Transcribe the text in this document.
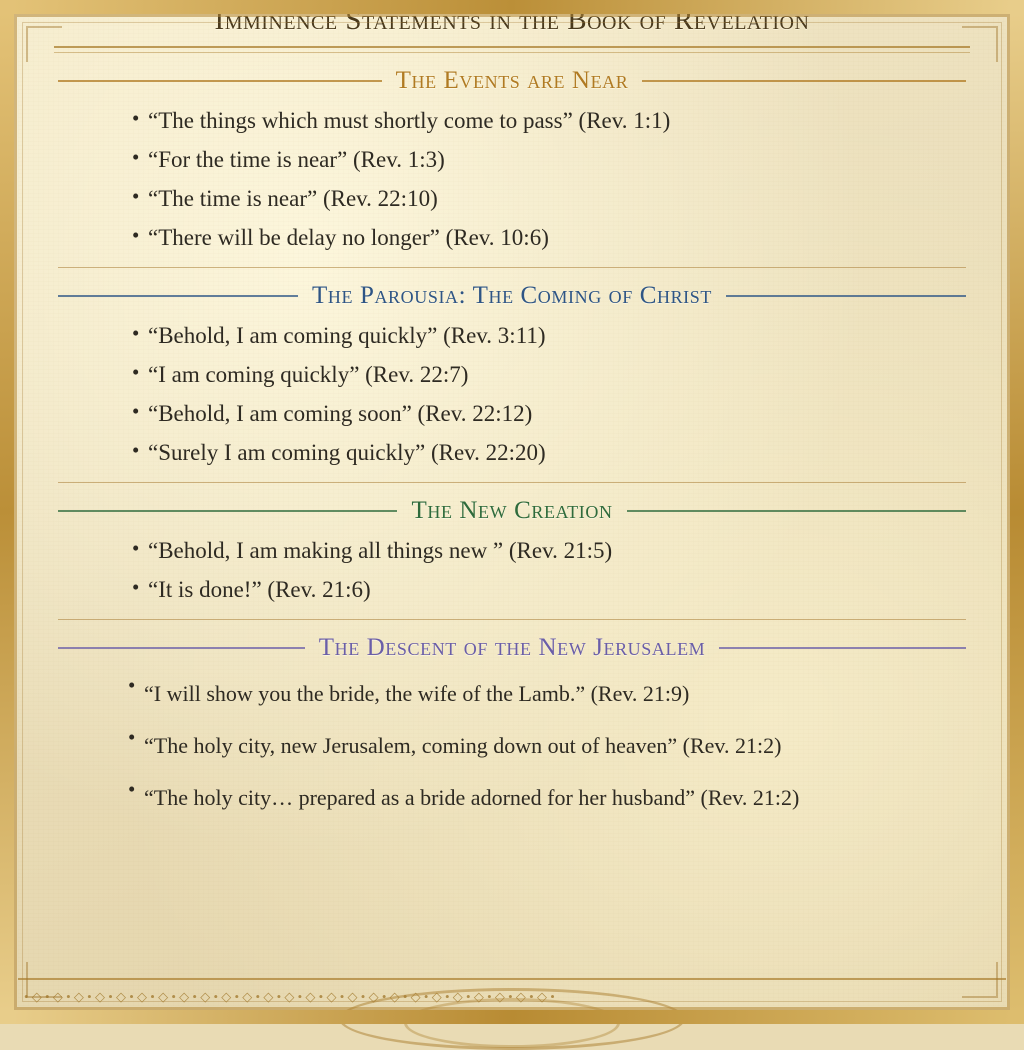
Imminence Statements in the Book of Revelation
The Events are Near
• “The things which must shortly come to pass” (Rev. 1:1)
• “For the time is near” (Rev. 1:3)
• “The time is near” (Rev. 22:10)
• “There will be delay no longer” (Rev. 10:6)
The Parousia: The Coming of Christ
• “Behold, I am coming quickly” (Rev. 3:11)
• “I am coming quickly” (Rev. 22:7)
• “Behold, I am coming soon” (Rev. 22:12)
• “Surely I am coming quickly” (Rev. 22:20)
The New Creation
• “Behold, I am making all things new ” (Rev. 21:5)
• “It is done!” (Rev. 21:6)
The Descent of the New Jerusalem
• “I will show you the bride, the wife of the Lamb.” (Rev. 21:9)
• “The holy city, new Jerusalem, coming down out of heaven” (Rev. 21:2)
• “The holy city… prepared as a bride adorned for her husband” (Rev. 21:2)
• ◇ • ◇ • ◇ • ◇ • ◇ • ◇ • ◇ • ◇ • ◇ • ◇ • ◇ • ◇ • ◇ • ◇ • ◇ • ◇ • ◇ • ◇ • ◇ • ◇ • ◇ • ◇ • ◇ • ◇ • ◇ •
